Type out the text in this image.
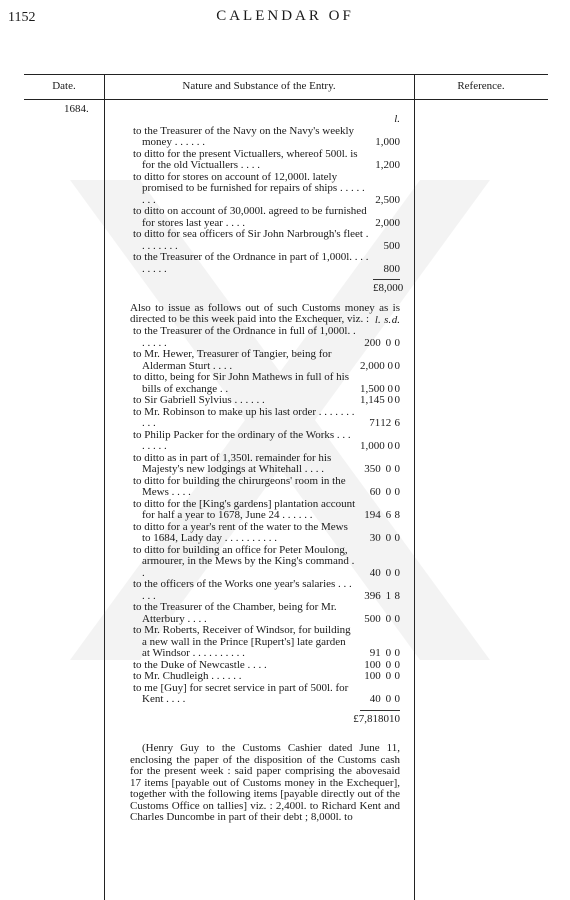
1152	CALENDAR OF
Date.	Nature and Substance of the Entry.	Reference.
1684.
l.
to the Treasurer of the Navy on the Navy's weekly money . . . . . .	1,000
to ditto for the present Victuallers, whereof 500l. is for the old Victuallers . . . .	1,200
to ditto for stores on account of 12,000l. lately promised to be furnished for repairs of ships . . . . . . . .	2,500
to ditto on account of 30,000l. agreed to be furnished for stores last year . . . .	2,000
to ditto for sea officers of Sir John Narbrough's fleet . . . . . . . .	500
to the Treasurer of the Ordnance in part of 1,000l. . . . . . . . .	800
£8,000
Also to issue as follows out of such Customs money as is directed to be this week paid into the Exchequer, viz. : l. s. d.
to the Treasurer of the Ordnance in full of 1,000l. . . . . . .	200 0 0
to Mr. Hewer, Treasurer of Tangier, being for Alderman Sturt . . . .	2,000 0 0
to ditto, being for Sir John Mathews in full of his bills of exchange . .	1,500 0 0
to Sir Gabriell Sylvius . . . . . .	1,145 0 0
to Mr. Robinson to make up his last order . . . . . . . . . .	71 12 6
to Philip Packer for the ordinary of the Works . . . . . . . .	1,000 0 0
to ditto as in part of 1,350l. remainder for his Majesty's new lodgings at Whitehall . . . .	350 0 0
to ditto for building the chirurgeons' room in the Mews . . . .	60 0 0
to ditto for the [King's gardens] plantation account for half a year to 1678, June 24 . . . . . .	194 6 8
to ditto for a year's rent of the water to the Mews to 1684, Lady day . . . . . . . . . .	30 0 0
to ditto for building an office for Peter Moulong, armourer, in the Mews by the King's command . .	40 0 0
to the officers of the Works one year's salaries . . . . . .	396 1 8
to the Treasurer of the Chamber, being for Mr. Atterbury . . . .	500 0 0
to Mr. Roberts, Receiver of Windsor, for building a new wall in the Prince [Rupert's] late garden at Windsor . . . . . . . . . .	91 0 0
to the Duke of Newcastle . . . .	100 0 0
to Mr. Chudleigh . . . . . .	100 0 0
to me [Guy] for secret service in part of 500l. for Kent . . . .	40 0 0
£7,818 0 10
(Henry Guy to the Customs Cashier dated June 11, enclosing the paper of the disposition of the Customs cash for the present week : said paper comprising the abovesaid 17 items [payable out of Customs money in the Exchequer], together with the following items [payable directly out of the Customs Office on tallies] viz. : 2,400l. to Richard Kent and Charles Duncombe in part of their debt ; 8,000l. to
